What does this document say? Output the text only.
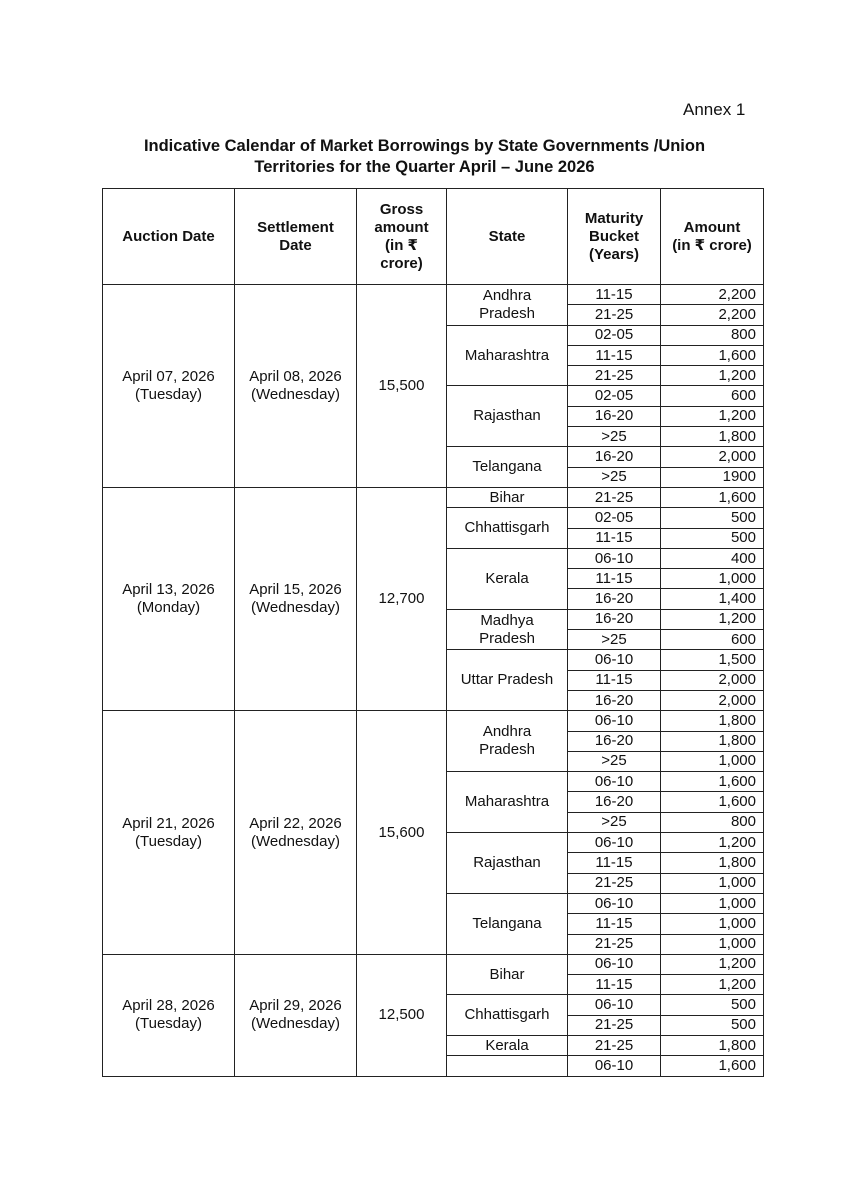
Annex 1
Indicative Calendar of Market Borrowings by State Governments /Union
Territories for the Quarter April – June 2026
Auction Date	Settlement
Date	Gross
amount
(in ₹
crore)	State	Maturity
Bucket
(Years)	Amount
(in ₹ crore)

April 07, 2026
(Tuesday)	April 08, 2026
(Wednesday)	15,500	Andhra
Pradesh	11-15	2,200
				21-25	2,200

			Maharashtra	02-05	800
				11-15	1,600
				21-25	1,200

			Rajasthan	02-05	600
				16-20	1,200
				>25	1,800

			Telangana	16-20	2,000
				>25	1900

April 13, 2026
(Monday)	April 15, 2026
(Wednesday)	12,700	Bihar	21-25	1,600

			Chhattisgarh	02-05	500
				11-15	500

			Kerala	06-10	400
				11-15	1,000
				16-20	1,400

			Madhya
Pradesh	16-20	1,200
				>25	600

			Uttar Pradesh	06-10	1,500
				11-15	2,000
				16-20	2,000

April 21, 2026
(Tuesday)	April 22, 2026
(Wednesday)	15,600	Andhra
Pradesh	06-10	1,800
				16-20	1,800
				>25	1,000

			Maharashtra	06-10	1,600
				16-20	1,600
				>25	800

			Rajasthan	06-10	1,200
				11-15	1,800
				21-25	1,000

			Telangana	06-10	1,000
				11-15	1,000
				21-25	1,000

April 28, 2026
(Tuesday)	April 29, 2026
(Wednesday)	12,500	Bihar	06-10	1,200
				11-15	1,200

			Chhattisgarh	06-10	500
				21-25	500

			Kerala	21-25	1,800
				06-10	1,600
